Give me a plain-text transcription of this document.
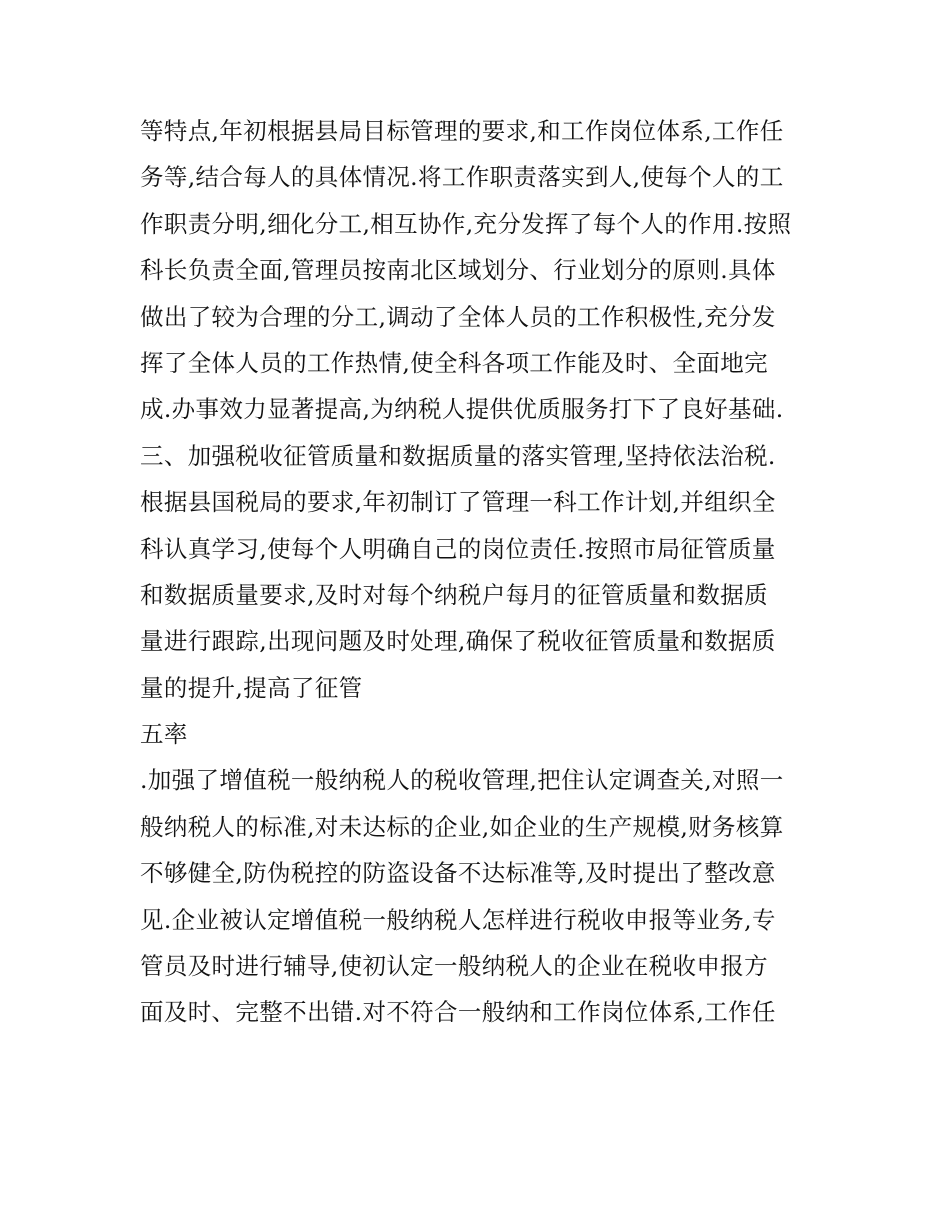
等特点,年初根据县局目标管理的要求,和工作岗位体系,工作任
务等,结合每人的具体情况.将工作职责落实到人,使每个人的工
作职责分明,细化分工,相互协作,充分发挥了每个人的作用.按照
科长负责全面,管理员按南北区域划分、行业划分的原则.具体
做出了较为合理的分工,调动了全体人员的工作积极性,充分发
挥了全体人员的工作热情,使全科各项工作能及时、全面地完
成.办事效力显著提高,为纳税人提供优质服务打下了良好基础.
三、加强税收征管质量和数据质量的落实管理,坚持依法治税.
根据县国税局的要求,年初制订了管理一科工作计划,并组织全
科认真学习,使每个人明确自己的岗位责任.按照市局征管质量
和数据质量要求,及时对每个纳税户每月的征管质量和数据质
量进行跟踪,出现问题及时处理,确保了税收征管质量和数据质
量的提升,提高了征管
五率
.加强了增值税一般纳税人的税收管理,把住认定调查关,对照一
般纳税人的标准,对未达标的企业,如企业的生产规模,财务核算
不够健全,防伪税控的防盗设备不达标准等,及时提出了整改意
见.企业被认定增值税一般纳税人怎样进行税收申报等业务,专
管员及时进行辅导,使初认定一般纳税人的企业在税收申报方
面及时、完整不出错.对不符合一般纳和工作岗位体系,工作任
